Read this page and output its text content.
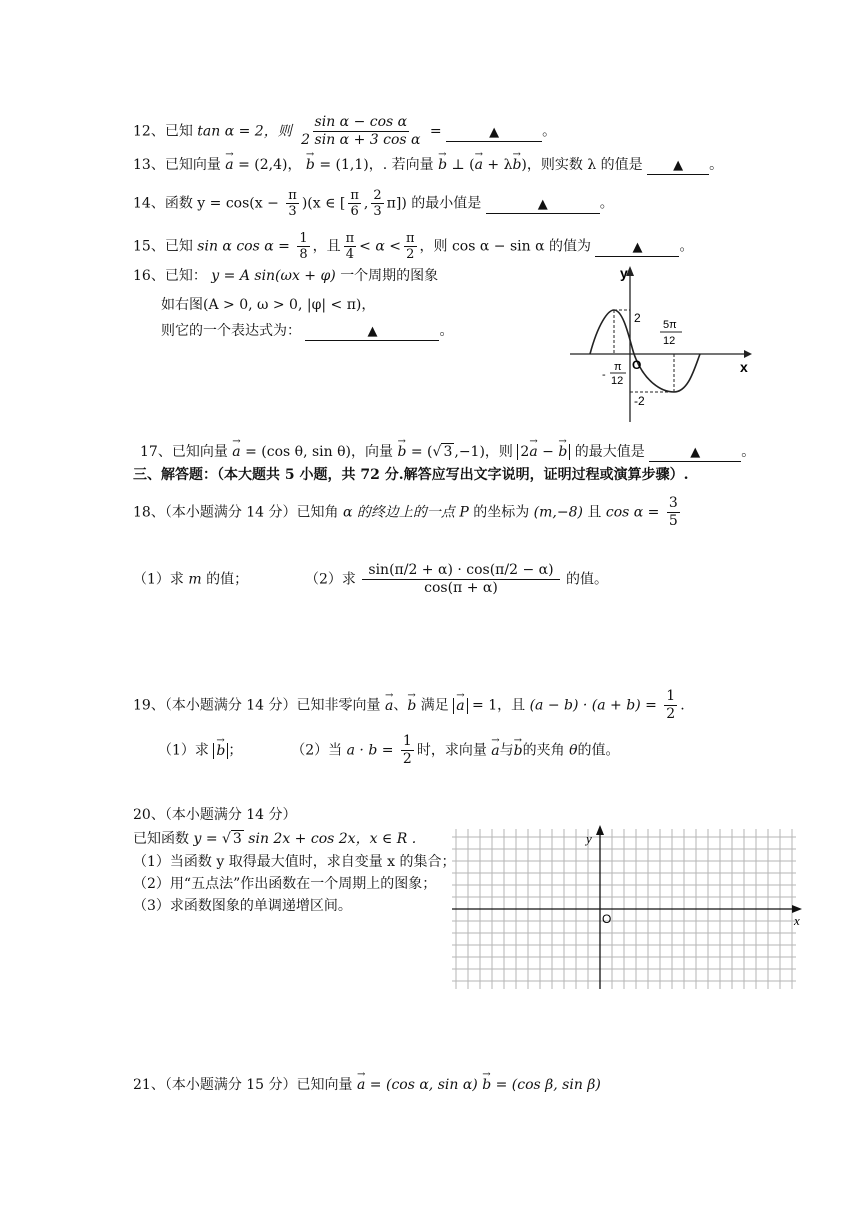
12、已知 tan α = 2，则 $\frac{\text{sin α − cos α}}{\text{2 sin α + 3 cos α}}$ =	▲	。
13、已知向量 → a = (2,4)， → b = (1,1)，. 若向量 → b ⊥ (→ a + λ→ b)，则实数 λ 的值是 ▲ 。
14、函数 $y = \cos(x - \frac{\pi}{3} )(x$ ∈ [ $\frac{\pi}{6}$ , $\frac{2}{3} \pi$]) 的最小值是	▲	。
15、已知 sin α $\cos \alpha = \frac{1}{8}$ ，且 $\frac{\pi}{4} < \alpha < \frac{\pi}{2}$ ，则 cos α − sin α 的值为	▲	。
16、已知： y = A sin(ωx + φ) 一个周期的图象
如右图(A > 0, ω > 0, |φ| < π)，
则它的一个表达式为：	▲	。
y
x
O
2
-2
5π
12
-
π
12
17、已知向量 → a = (cos θ, sin θ)，向量 → b = (√ 3 ,−1)，则 2→ a − → b 的最大值是	▲	。
三、解答题：（本大题共 5 小题，共 72 分.解答应写出文字说明，证明过程或演算步骤）.
18、（本小题满分 14 分）已知角 α 的终边上的一点 P 的坐标为 (m,−8) 且 $\cos \alpha = \frac{3}{5}$
（1）求 m 的值；	（2）求 $\frac{\sin(\pi/2 + \alpha) \cdot \cos(\pi/2 - \alpha)}{\cos(\pi + \alpha)}$ 的值。
19、（本小题满分 14 分）已知非零向量 → a、→ b 满足 → a = 1，且 $(a - b) \cdot (a + b) = \frac{1}{2}$ .
（1）求 → b ；	（2）当 $a \cdot b = \frac{1}{2}$ 时，求向量 → a与→ b的夹角 θ的值。
20、（本小题满分 14 分）
已知函数 y = √ 3 sin 2x + cos 2x，x ∈ R .
（1）当函数 y 取得最大值时，求自变量 x 的集合；
（2）用“五点法”作出函数在一个周期上的图象；
（3）求函数图象的单调递增区间。
y
x
O
21、（本小题满分 15 分）已知向量 → a = (cos α, sin α) → b = (cos β, sin β)
